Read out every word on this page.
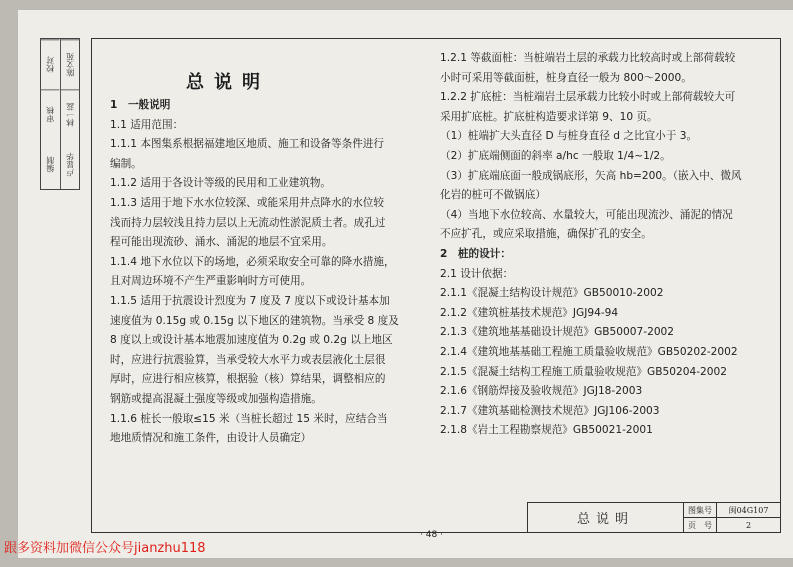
校对
审核
编制
陈文苑
林一蕊
卢显华
总说明
1　一般说明
1.1 适用范围：
1.1.1 本图集系根据福建地区地质、施工和设备等条件进行
编制。
1.1.2 适用于各设计等级的民用和工业建筑物。
1.1.3 适用于地下水水位较深、或能采用井点降水的水位较
浅而持力层较浅且持力层以上无流动性淤泥质土者。成孔过
程可能出现流砂、涌水、涌泥的地层不宜采用。
1.1.4 地下水位以下的场地，必须采取安全可靠的降水措施，
且对周边环境不产生严重影响时方可使用。
1.1.5 适用于抗震设计烈度为 7 度及 7 度以下或设计基本加
速度值为 0.15g 或 0.15g 以下地区的建筑物。当承受 8 度及
8 度以上或设计基本地震加速度值为 0.2g 或 0.2g 以上地区
时，应进行抗震验算，当承受较大水平力或表层液化土层很
厚时，应进行相应核算，根据验（核）算结果，调整相应的
钢筋或提高混凝土强度等级或加强构造措施。
1.1.6 桩长一般取≤15 米（当桩长超过 15 米时，应结合当
地地质情况和施工条件，由设计人员确定）
1.2.1 等截面桩：当桩端岩土层的承载力比较高时或上部荷载较
小时可采用等截面桩，桩身直径一般为 800～2000。
1.2.2 扩底桩：当桩端岩土层承载力比较小时或上部荷载较大可
采用扩底桩。扩底桩构造要求详第 9、10 页。
（1）桩端扩大头直径 D 与桩身直径 d 之比宜小于 3。
（2）扩底端侧面的斜率 a/hc 一般取 1/4~1/2。
（3）扩底端底面一般成锅底形，矢高 hb=200。（嵌入中、微风
化岩的桩可不做锅底）
（4）当地下水位较高、水量较大，可能出现流沙、涌泥的情况
不应扩孔，或应采取措施，确保扩孔的安全。
2　桩的设计：
2.1 设计依据：
2.1.1《混凝土结构设计规范》GB50010-2002
2.1.2《建筑桩基技术规范》JGJ94-94
2.1.3《建筑地基基础设计规范》GB50007-2002
2.1.4《建筑地基基础工程施工质量验收规范》GB50202-2002
2.1.5《混凝土结构工程施工质量验收规范》GB50204-2002
2.1.6《钢筋焊接及验收规范》JGJ18-2003
2.1.7《建筑基础检测技术规范》JGJ106-2003
2.1.8《岩土工程勘察规范》GB50021-2001
总说明
图集号	闽04G107
页　号	2
· 48 ·
跟多资料加微信公众号jianzhu118
